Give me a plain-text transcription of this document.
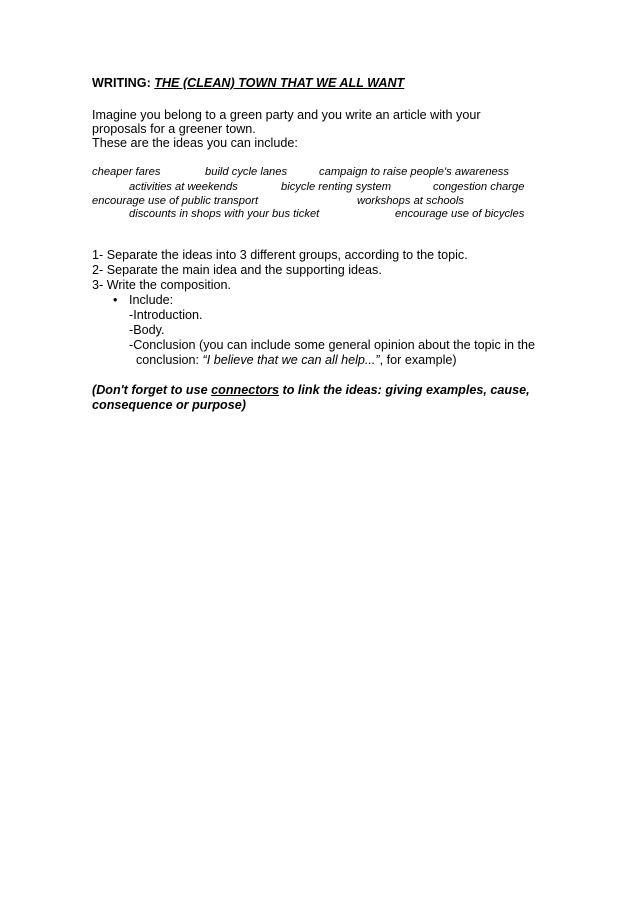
WRITING: THE (CLEAN) TOWN THAT WE ALL WANT
Imagine you belong to a green party and you write an article with your
proposals for a greener town.
These are the ideas you can include:
cheaper fares	build cycle lanes	campaign to raise people's awareness
activities at weekends	bicycle renting system	congestion charge
encourage use of public transport	workshops at schools
discounts in shops with your bus ticket	encourage use of bicycles
1- Separate the ideas into 3 different groups, according to the topic.
2- Separate the main idea and the supporting ideas.
3- Write the composition.
• Include:
-Introduction.
-Body.
-Conclusion (you can include some general opinion about the topic in the
conclusion: “I believe that we can all help...”, for example)
(Don't forget to use connectors to link the ideas: giving examples, cause,
consequence or purpose)
